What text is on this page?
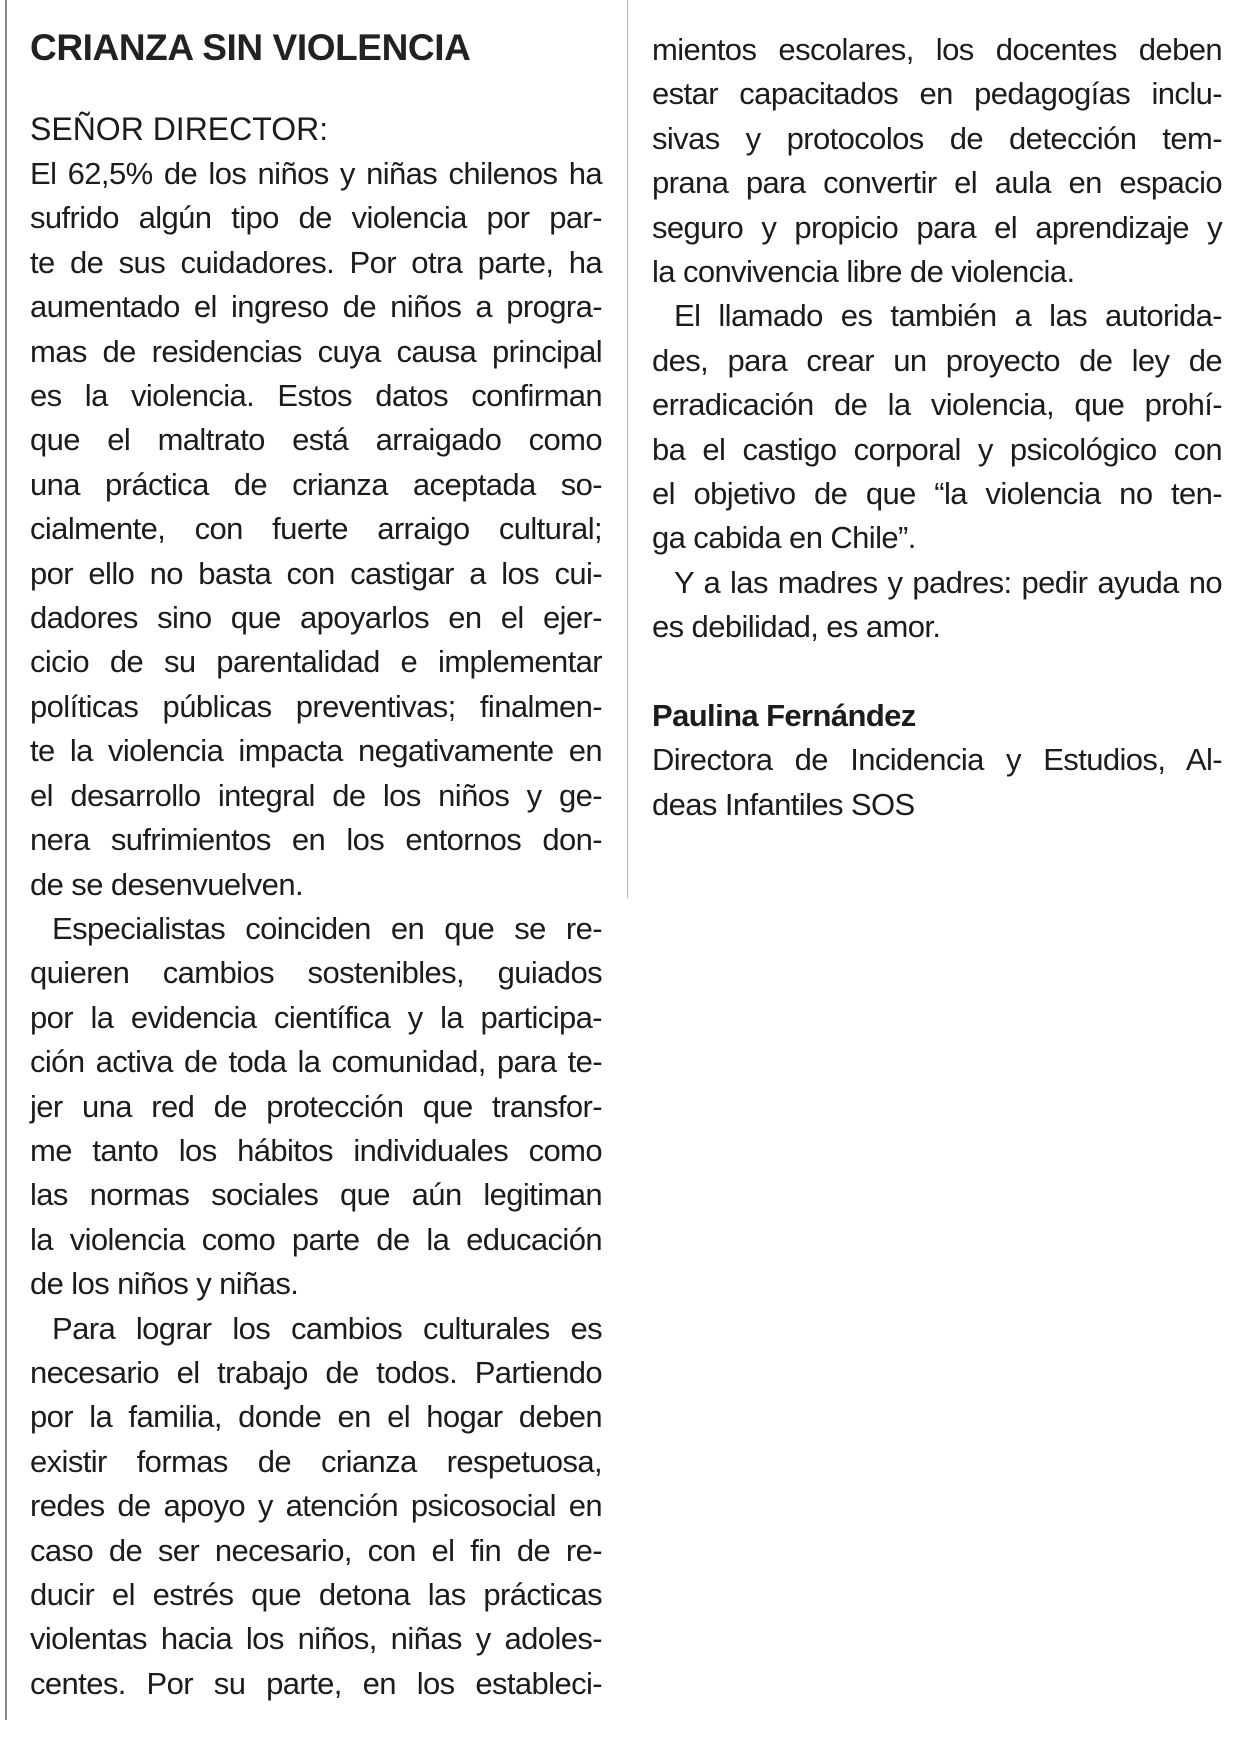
CRIANZA SIN VIOLENCIA
SEÑOR DIRECTOR:
El 62,5% de los niños y niñas chilenos ha
sufrido algún tipo de violencia por par-
te de sus cuidadores. Por otra parte, ha
aumentado el ingreso de niños a progra-
mas de residencias cuya causa principal
es la violencia. Estos datos confirman
que el maltrato está arraigado como
una práctica de crianza aceptada so-
cialmente, con fuerte arraigo cultural;
por ello no basta con castigar a los cui-
dadores sino que apoyarlos en el ejer-
cicio de su parentalidad e implementar
políticas públicas preventivas; finalmen-
te la violencia impacta negativamente en
el desarrollo integral de los niños y ge-
nera sufrimientos en los entornos don-
de se desenvuelven.
Especialistas coinciden en que se re-
quieren cambios sostenibles, guiados
por la evidencia científica y la participa-
ción activa de toda la comunidad, para te-
jer una red de protección que transfor-
me tanto los hábitos individuales como
las normas sociales que aún legitiman
la violencia como parte de la educación
de los niños y niñas.
Para lograr los cambios culturales es
necesario el trabajo de todos. Partiendo
por la familia, donde en el hogar deben
existir formas de crianza respetuosa,
redes de apoyo y atención psicosocial en
caso de ser necesario, con el fin de re-
ducir el estrés que detona las prácticas
violentas hacia los niños, niñas y adoles-
centes. Por su parte, en los estableci-
mientos escolares, los docentes deben
estar capacitados en pedagogías inclu-
sivas y protocolos de detección tem-
prana para convertir el aula en espacio
seguro y propicio para el aprendizaje y
la convivencia libre de violencia.
El llamado es también a las autorida-
des, para crear un proyecto de ley de
erradicación de la violencia, que prohí-
ba el castigo corporal y psicológico con
el objetivo de que “la violencia no ten-
ga cabida en Chile”.
Y a las madres y padres: pedir ayuda no
es debilidad, es amor.
Paulina Fernández
Directora de Incidencia y Estudios, Al-
deas Infantiles SOS
